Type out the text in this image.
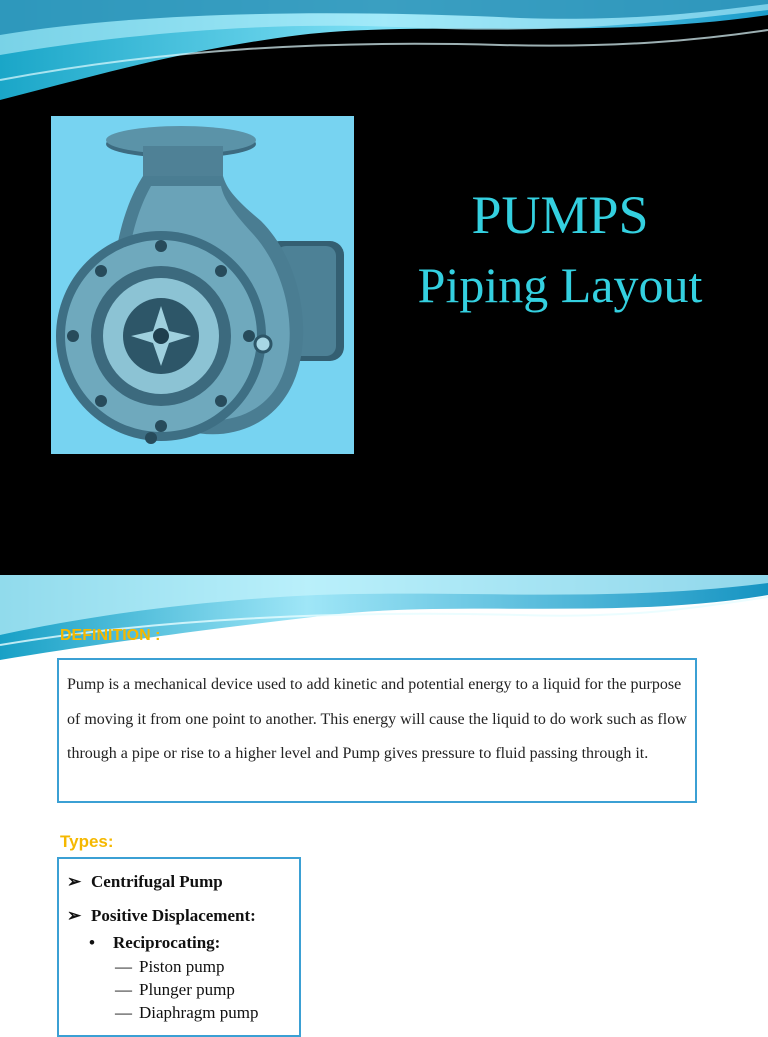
PUMPS
Piping Layout
DEFINITION :
Pump is a mechanical device used to add kinetic and potential energy to a liquid for the purpose of moving it from one point to another. This energy will cause the liquid to do work such as flow through a pipe or rise to a higher level and Pump gives pressure to fluid passing through it.
Types:
➢ Centrifugal Pump
➢ Positive Displacement:
• Reciprocating:
— Piston pump
— Plunger pump
— Diaphragm pump
